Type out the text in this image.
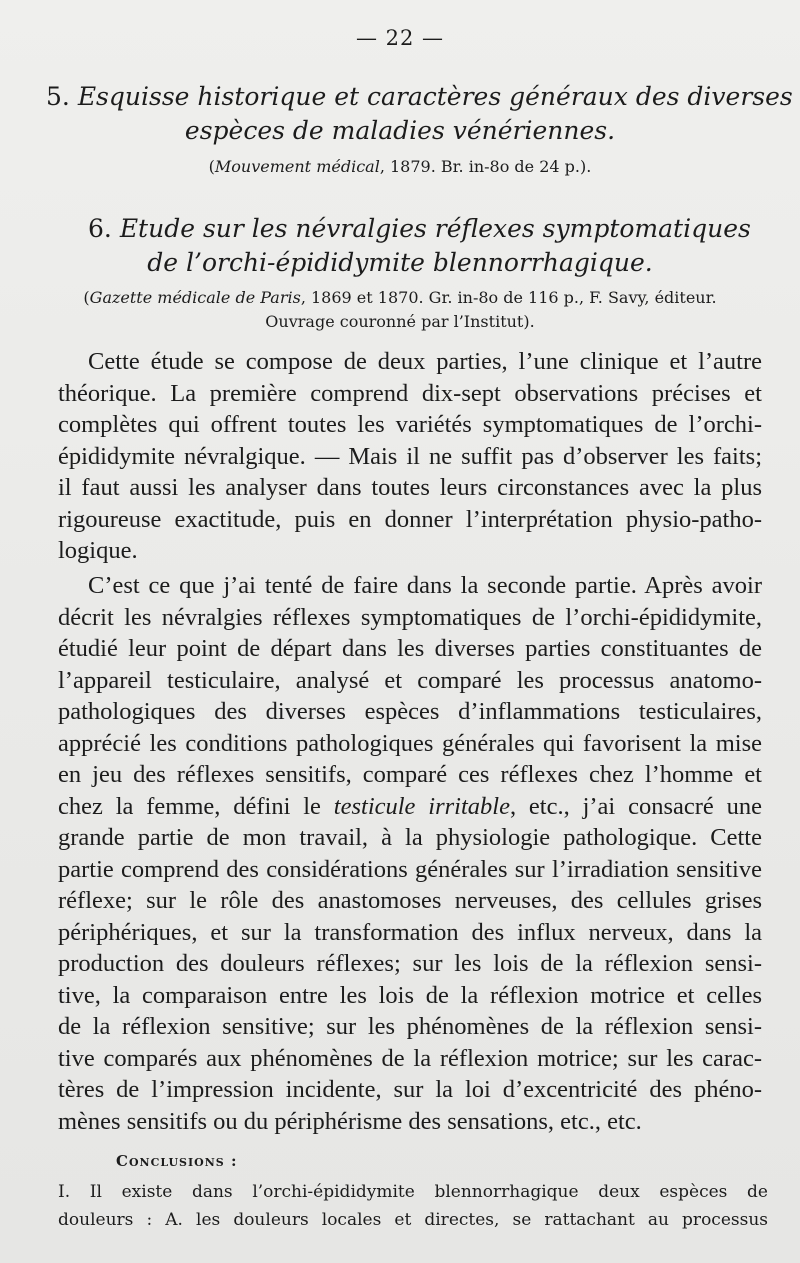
— 22 —
5. Esquisse historique et caractères généraux des diverses
espèces de maladies vénériennes.
(Mouvement médical, 1879. Br. in-8o de 24 p.).
6. Etude sur les névralgies réflexes symptomatiques
de l’orchi-épididymite blennorrhagique.
(Gazette médicale de Paris, 1869 et 1870. Gr. in-8o de 116 p., F. Savy, éditeur.
Ouvrage couronné par l’Institut).
Cette étude se compose de deux parties, l’une clinique et l’autre
théorique. La première comprend dix-sept observations précises et
complètes qui offrent toutes les variétés symptomatiques de l’orchi-
épididymite névralgique. — Mais il ne suffit pas d’observer les faits;
il faut aussi les analyser dans toutes leurs circonstances avec la plus
rigoureuse exactitude, puis en donner l’interprétation physio-patho-
logique.
C’est ce que j’ai tenté de faire dans la seconde partie. Après avoir
décrit les névralgies réflexes symptomatiques de l’orchi-épididymite,
étudié leur point de départ dans les diverses parties constituantes de
l’appareil testiculaire, analysé et comparé les processus anatomo-
pathologiques des diverses espèces d’inflammations testiculaires,
apprécié les conditions pathologiques générales qui favorisent la mise
en jeu des réflexes sensitifs, comparé ces réflexes chez l’homme et
chez la femme, défini le testicule irritable, etc., j’ai consacré une
grande partie de mon travail, à la physiologie pathologique. Cette
partie comprend des considérations générales sur l’irradiation sensitive
réflexe; sur le rôle des anastomoses nerveuses, des cellules grises
périphériques, et sur la transformation des influx nerveux, dans la
production des douleurs réflexes; sur les lois de la réflexion sensi-
tive, la comparaison entre les lois de la réflexion motrice et celles
de la réflexion sensitive; sur les phénomènes de la réflexion sensi-
tive comparés aux phénomènes de la réflexion motrice; sur les carac-
tères de l’impression incidente, sur la loi d’excentricité des phéno-
mènes sensitifs ou du périphérisme des sensations, etc., etc.
Conclusions :
I. Il existe dans l’orchi-épididymite blennorrhagique deux espèces de
douleurs : A. les douleurs locales et directes, se rattachant au processus
